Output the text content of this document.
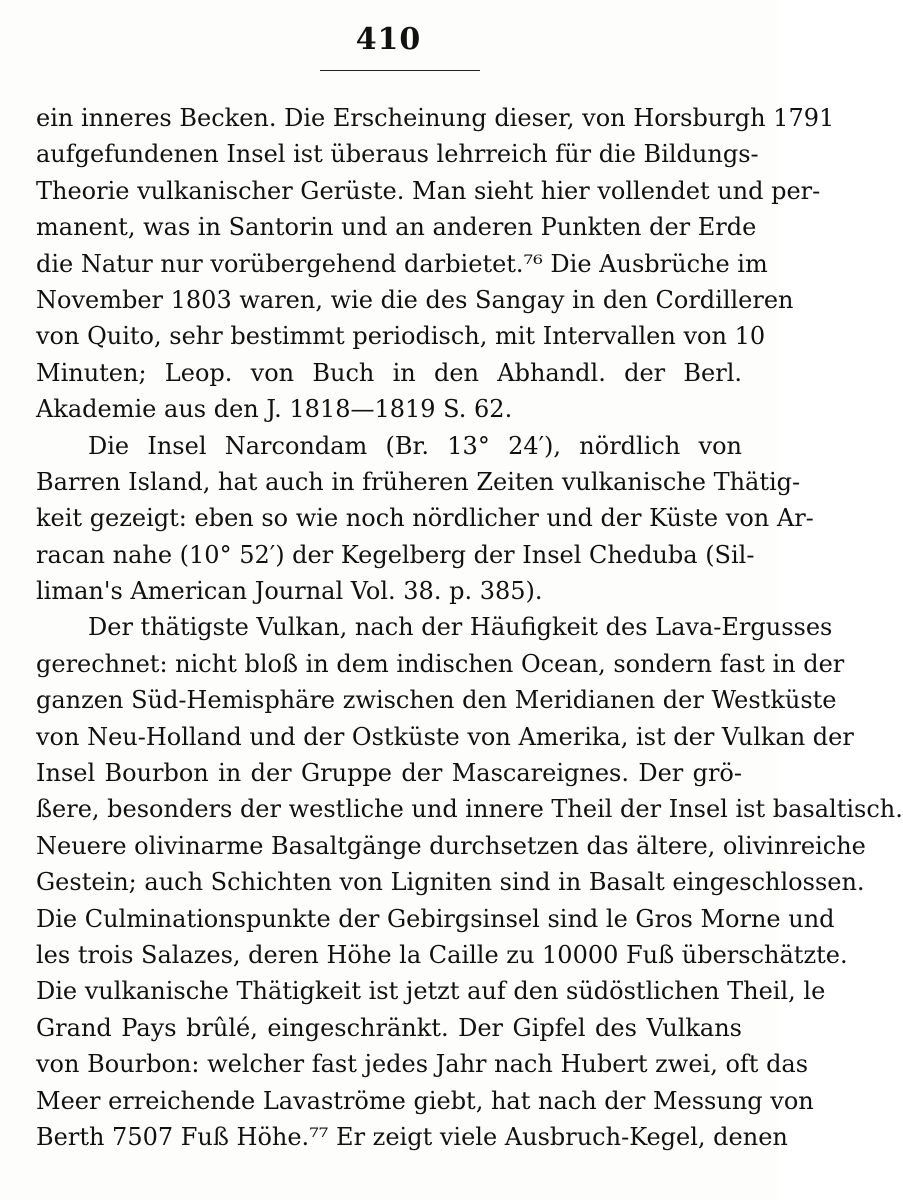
410
ein inneres Becken. Die Erscheinung dieser, von Horsburgh 1791
aufgefundenen Insel ist überaus lehrreich für die Bildungs-
Theorie vulkanischer Gerüste. Man sieht hier vollendet und per-
manent, was in Santorin und an anderen Punkten der Erde
die Natur nur vorübergehend darbietet.⁷⁶ Die Ausbrüche im
November 1803 waren, wie die des Sangay in den Cordilleren
von Quito, sehr bestimmt periodisch, mit Intervallen von 10
Minuten; Leop. von Buch in den Abhandl. der Berl.
Akademie aus den J. 1818—1819 S. 62.
Die Insel Narcondam (Br. 13° 24′), nördlich von
Barren Island, hat auch in früheren Zeiten vulkanische Thätig-
keit gezeigt: eben so wie noch nördlicher und der Küste von Ar-
racan nahe (10° 52′) der Kegelberg der Insel Cheduba (Sil-
liman's American Journal Vol. 38. p. 385).
Der thätigste Vulkan, nach der Häufigkeit des Lava-Ergusses
gerechnet: nicht bloß in dem indischen Ocean, sondern fast in der
ganzen Süd-Hemisphäre zwischen den Meridianen der Westküste
von Neu-Holland und der Ostküste von Amerika, ist der Vulkan der
Insel Bourbon in der Gruppe der Mascareignes. Der grö-
ßere, besonders der westliche und innere Theil der Insel ist basaltisch.
Neuere olivinarme Basaltgänge durchsetzen das ältere, olivinreiche
Gestein; auch Schichten von Ligniten sind in Basalt eingeschlossen.
Die Culminationspunkte der Gebirgsinsel sind le Gros Morne und
les trois Salazes, deren Höhe la Caille zu 10000 Fuß überschätzte.
Die vulkanische Thätigkeit ist jetzt auf den südöstlichen Theil, le
Grand Pays brûlé, eingeschränkt. Der Gipfel des Vulkans
von Bourbon: welcher fast jedes Jahr nach Hubert zwei, oft das
Meer erreichende Lavaströme giebt, hat nach der Messung von
Berth 7507 Fuß Höhe.⁷⁷ Er zeigt viele Ausbruch-Kegel, denen
